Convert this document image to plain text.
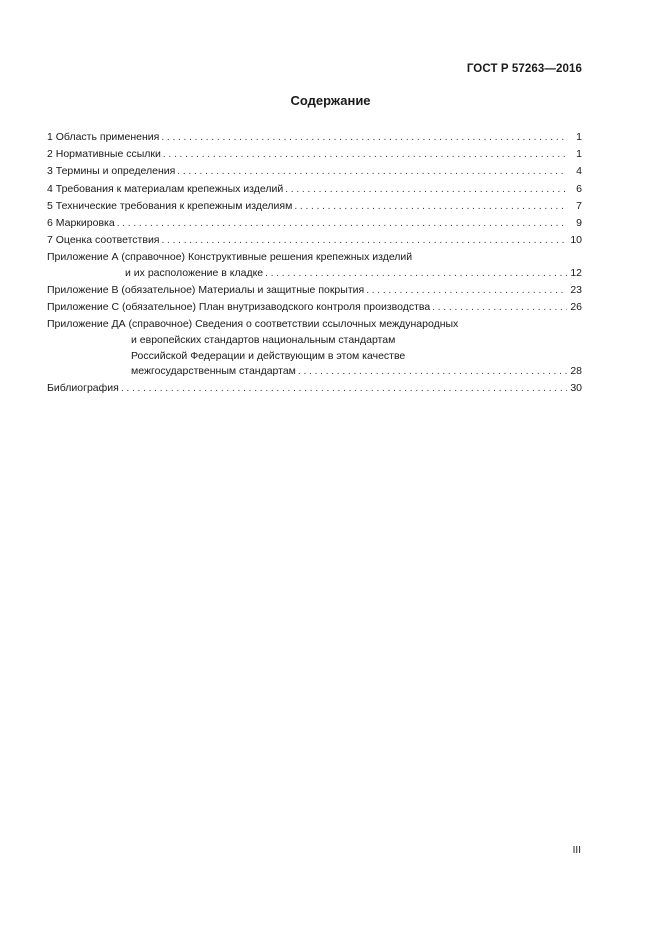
ГОСТ Р 57263—2016
Содержание
1 Область применения . . .	1
2 Нормативные ссылки . . .	1
3 Термины и определения . . .	4
4 Требования к материалам крепежных изделий . . .	6
5 Технические требования к крепежным изделиям . . .	7
6 Маркировка . . .	9
7 Оценка соответствия . . .	10
Приложение А (справочное) Конструктивные решения крепежных изделий
и их расположение в кладке . . .	12
Приложение В (обязательное) Материалы и защитные покрытия . . .	23
Приложение С (обязательное) План внутризаводского контроля производства . . .	26
Приложение ДА (справочное) Сведения о соответствии ссылочных международных
и европейских стандартов национальным стандартам
Российской Федерации и действующим в этом качестве
межгосударственным стандартам . . .	28
Библиография . . .	30
III
